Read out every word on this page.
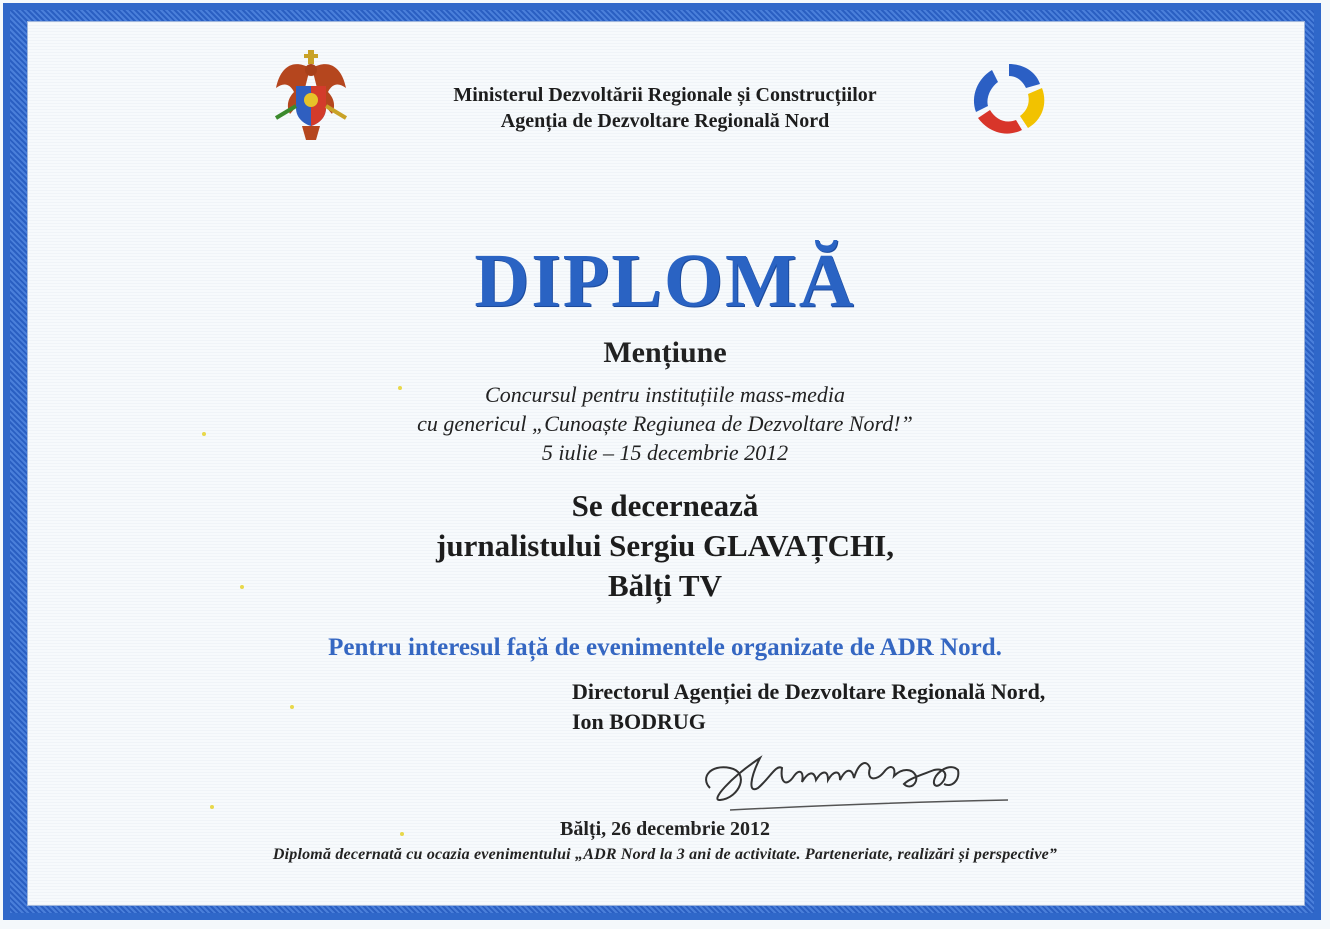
Ministerul Dezvoltării Regionale și Construcțiilor
Agenția de Dezvoltare Regională Nord
DIPLOMĂ
Mențiune
Concursul pentru instituțiile mass-media
cu genericul „Cunoaște Regiunea de Dezvoltare Nord!”
5 iulie – 15 decembrie 2012
Se decernează
jurnalistului Sergiu GLAVAȚCHI,
Bălți TV
Pentru interesul față de evenimentele organizate de ADR Nord.
Directorul Agenției de Dezvoltare Regională Nord,
Ion BODRUG
Bălți, 26 decembrie 2012
Diplomă decernată cu ocazia evenimentului „ADR Nord la 3 ani de activitate. Parteneriate, realizări și perspective”
